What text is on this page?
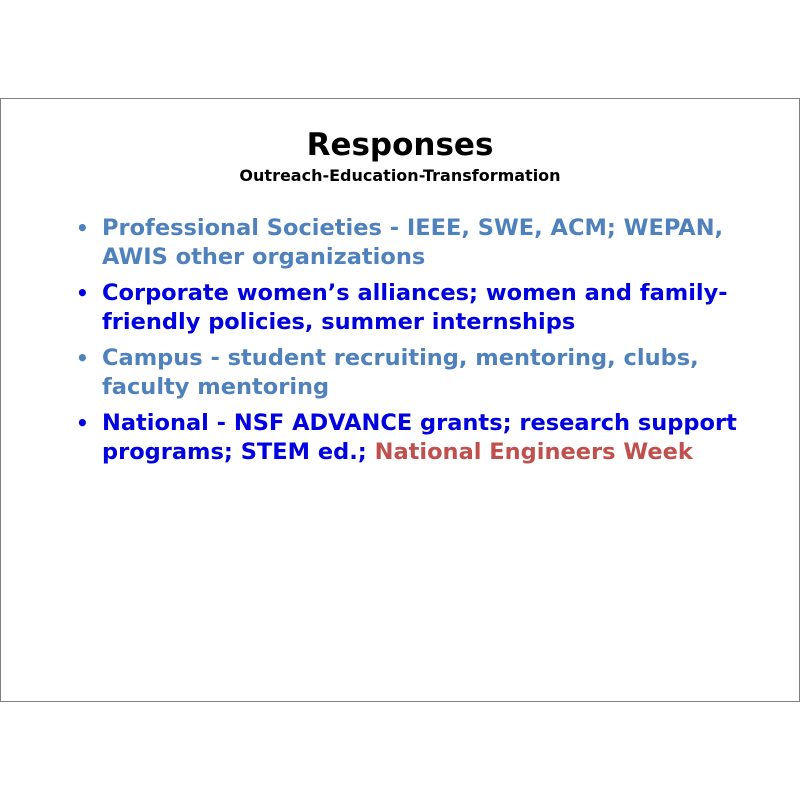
Responses
Outreach-Education-Transformation
• Professional Societies - IEEE, SWE, ACM; WEPAN, AWIS other organizations
• Corporate women’s alliances; women and family-friendly policies, summer internships
• Campus - student recruiting, mentoring, clubs, faculty mentoring
• National - NSF ADVANCE grants; research support programs; STEM ed.; National Engineers Week
